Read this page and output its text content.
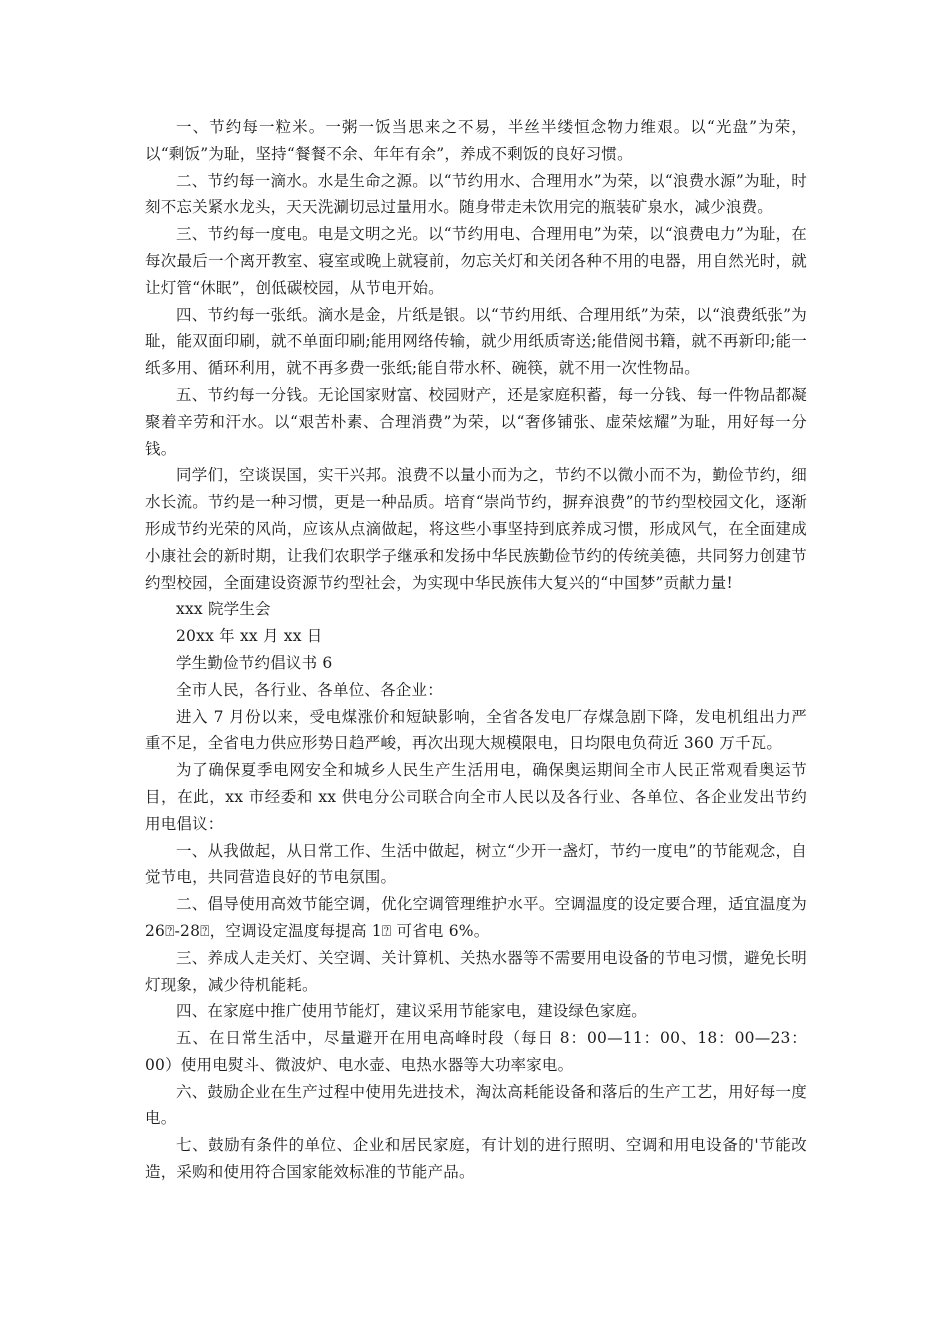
一、节约每一粒米。一粥一饭当思来之不易，半丝半缕恒念物力维艰。以“光盘”为荣，以“剩饭”为耻，坚持“餐餐不余、年年有余”，养成不剩饭的良好习惯。

二、节约每一滴水。水是生命之源。以“节约用水、合理用水”为荣，以“浪费水源”为耻，时刻不忘关紧水龙头，天天洗涮切忌过量用水。随身带走未饮用完的瓶装矿泉水，减少浪费。

三、节约每一度电。电是文明之光。以“节约用电、合理用电”为荣，以“浪费电力”为耻，在每次最后一个离开教室、寝室或晚上就寝前，勿忘关灯和关闭各种不用的电器，用自然光时，就让灯管“休眠”，创低碳校园，从节电开始。

四、节约每一张纸。滴水是金，片纸是银。以“节约用纸、合理用纸”为荣，以“浪费纸张”为耻，能双面印刷，就不单面印刷;能用网络传输，就少用纸质寄送;能借阅书籍，就不再新印;能一纸多用、循环利用，就不再多费一张纸;能自带水杯、碗筷，就不用一次性物品。

五、节约每一分钱。无论国家财富、校园财产，还是家庭积蓄，每一分钱、每一件物品都凝聚着辛劳和汗水。以“艰苦朴素、合理消费”为荣，以“奢侈铺张、虚荣炫耀”为耻，用好每一分钱。

同学们，空谈误国，实干兴邦。浪费不以量小而为之，节约不以微小而不为，勤俭节约，细水长流。节约是一种习惯，更是一种品质。培育“崇尚节约，摒弃浪费”的节约型校园文化，逐渐形成节约光荣的风尚，应该从点滴做起，将这些小事坚持到底养成习惯，形成风气，在全面建成小康社会的新时期，让我们农职学子继承和发扬中华民族勤俭节约的传统美德，共同努力创建节约型校园，全面建设资源节约型社会，为实现中华民族伟大复兴的“中国梦”贡献力量!

xxx 院学生会

20xx 年 xx 月 xx 日

学生勤俭节约倡议书 6

全市人民，各行业、各单位、各企业：

进入 7 月份以来，受电煤涨价和短缺影响，全省各发电厂存煤急剧下降，发电机组出力严重不足，全省电力供应形势日趋严峻，再次出现大规模限电，日均限电负荷近 360 万千瓦。

为了确保夏季电网安全和城乡人民生产生活用电，确保奥运期间全市人民正常观看奥运节目，在此，xx 市经委和 xx 供电分公司联合向全市人民以及各行业、各单位、各企业发出节约用电倡议：

一、从我做起，从日常工作、生活中做起，树立“少开一盏灯，节约一度电”的节能观念，自觉节电，共同营造良好的节电氛围。

二、倡导使用高效节能空调，优化空调管理维护水平。空调温度的设定要合理，适宜温度为 26⍰-28⍰，空调设定温度每提高 1⍰ 可省电 6%。

三、养成人走关灯、关空调、关计算机、关热水器等不需要用电设备的节电习惯，避免长明灯现象，减少待机能耗。

四、在家庭中推广使用节能灯，建议采用节能家电，建设绿色家庭。

五、在日常生活中，尽量避开在用电高峰时段（每日 8：00—11：00、18：00—23：00）使用电熨斗、微波炉、电水壶、电热水器等大功率家电。

六、鼓励企业在生产过程中使用先进技术，淘汰高耗能设备和落后的生产工艺，用好每一度电。

七、鼓励有条件的单位、企业和居民家庭，有计划的进行照明、空调和用电设备的'节能改造，采购和使用符合国家能效标准的节能产品。
